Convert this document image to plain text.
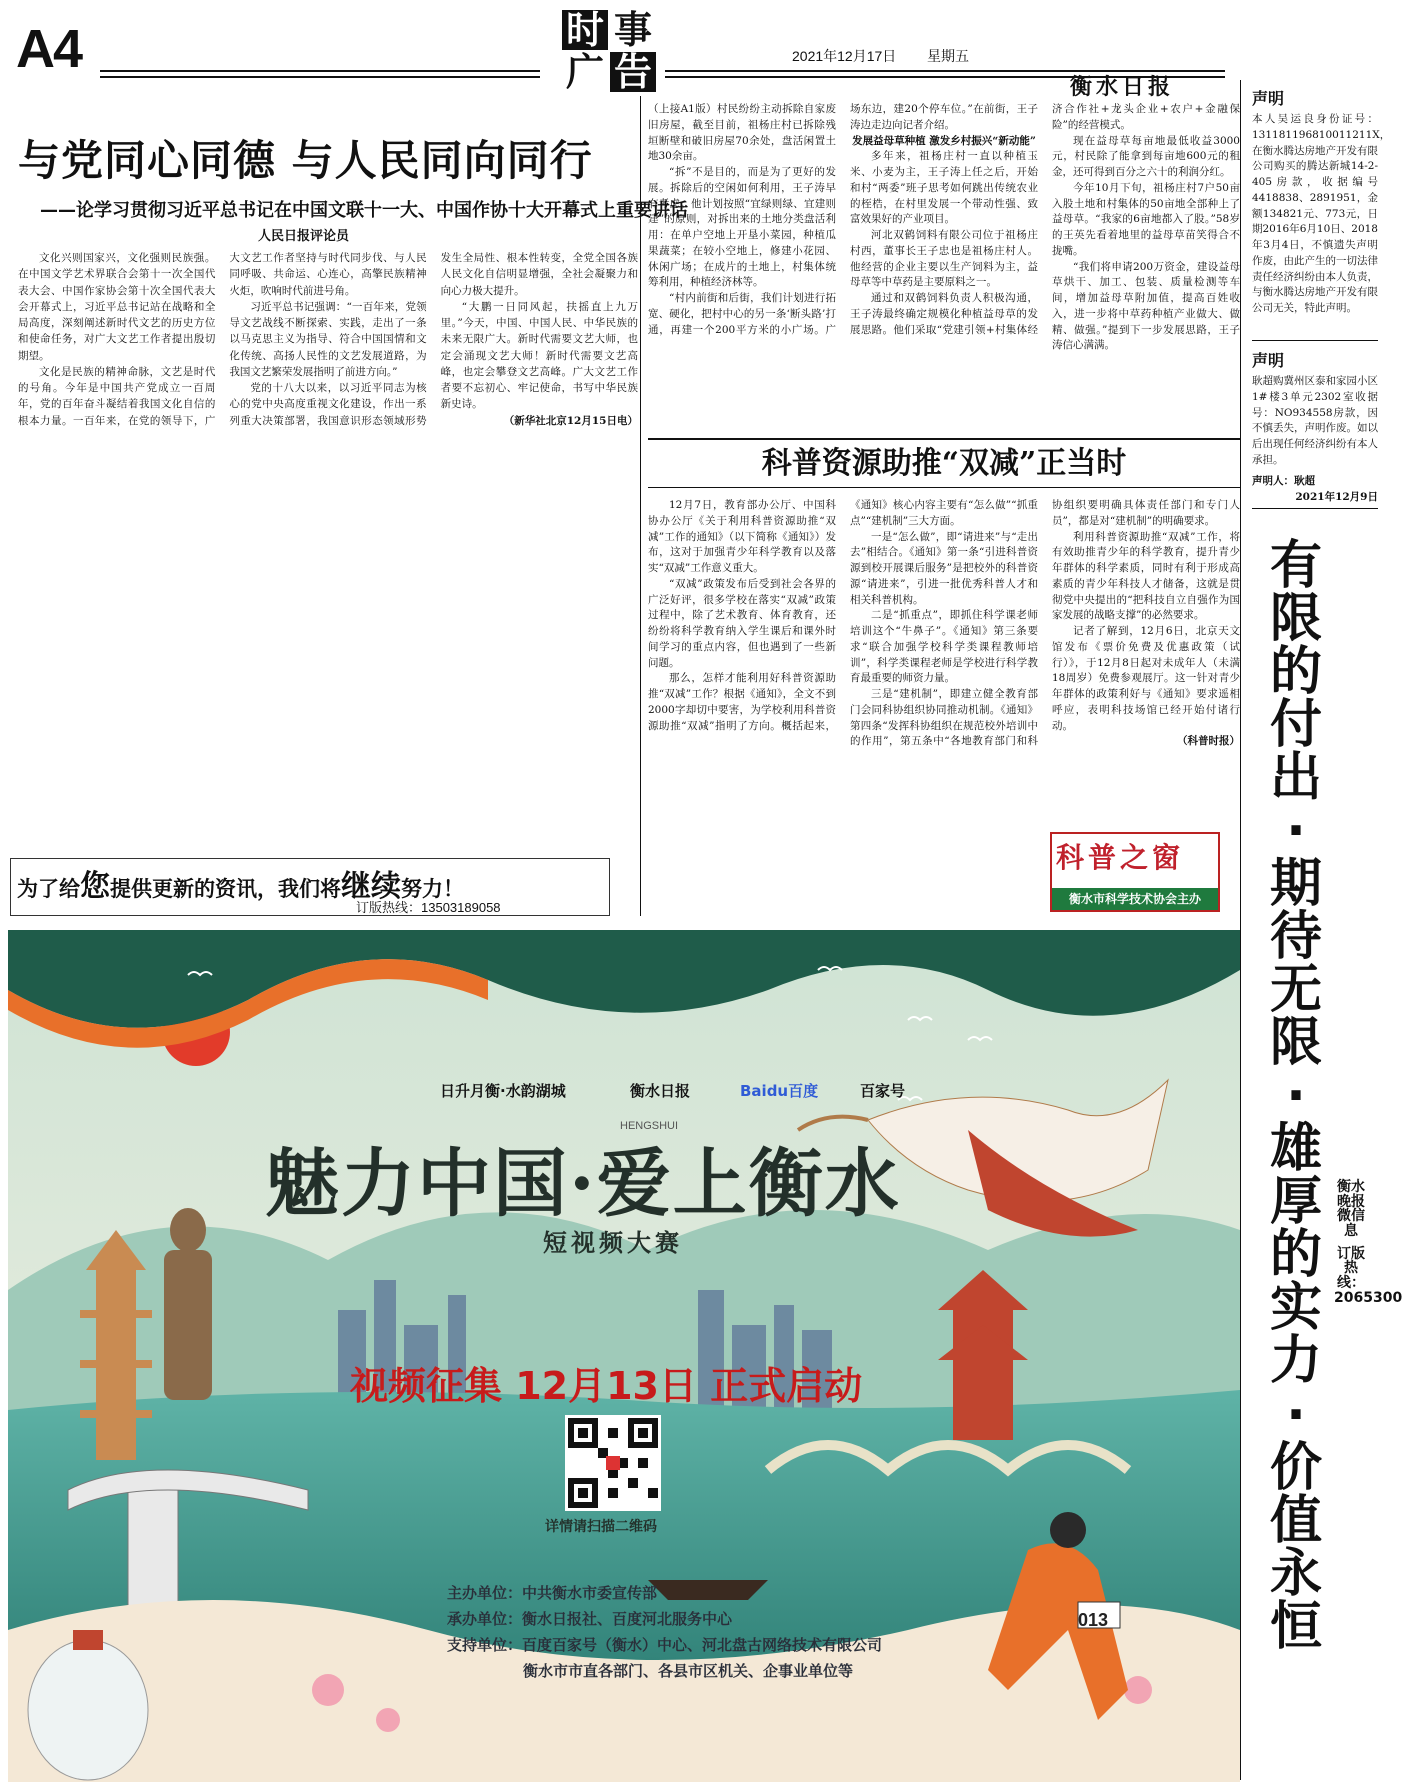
A4	时 事
广 告	2021年12月17日 星期五
衡水日报
与党同心同德 与人民同向同行
——论学习贯彻习近平总书记在中国文联十一大、中国作协十大开幕式上重要讲话
人民日报评论员

文化兴则国家兴，文化强则民族强。在中国文学艺术界联合会第十一次全国代表大会、中国作家协会第十次全国代表大会开幕式上，习近平总书记站在战略和全局高度，深刻阐述新时代文艺的历史方位和使命任务，对广大文艺工作者提出殷切期望。

文化是民族的精神命脉，文艺是时代的号角。今年是中国共产党成立一百周年，党的百年奋斗凝结着我国文化自信的根本力量。一百年来，在党的领导下，广大文艺工作者坚持与时代同步伐、与人民同呼吸、共命运、心连心，高擎民族精神火炬，吹响时代前进号角。

习近平总书记强调：“一百年来，党领导文艺战线不断探索、实践，走出了一条以马克思主义为指导、符合中国国情和文化传统、高扬人民性的文艺发展道路，为我国文艺繁荣发展指明了前进方向。”

党的十八大以来，以习近平同志为核心的党中央高度重视文化建设，作出一系列重大决策部署，我国意识形态领域形势发生全局性、根本性转变，全党全国各族人民文化自信明显增强，全社会凝聚力和向心力极大提升。

“大鹏一日同风起，扶摇直上九万里。”今天，中国、中国人民、中华民族的未来无限广大。新时代需要文艺大师，也定会涌现文艺大师！新时代需要文艺高峰，也定会攀登文艺高峰。广大文艺工作者要不忘初心、牢记使命，书写中华民族新史诗。

（新华社北京12月15日电）

为了给您提供更新的资讯，我们将继续努力！
订版热线：13503189058

（上接A1版）村民纷纷主动拆除自家废旧房屋，截至目前，祖杨庄村已拆除残垣断壁和破旧房屋70余处，盘活闲置土地30余亩。

“拆”不是目的，而是为了更好的发展。拆除后的空闲如何利用，王子涛早有考虑。他计划按照“宜绿则绿、宜建则建”的原则，对拆出来的土地分类盘活利用：在单户空地上开垦小菜园，种植瓜果蔬菜；在较小空地上，修建小花园、休闲广场；在成片的土地上，村集体统筹利用，种植经济林等。

“村内前街和后街，我们计划进行拓宽、硬化，把村中心的另一条‘断头路’打通，再建一个200平方米的小广场。广场东边，建20个停车位。”在前街，王子涛边走边向记者介绍。

发展益母草种植 激发乡村振兴“新动能”

多年来，祖杨庄村一直以种植玉米、小麦为主，王子涛上任之后，开始和村“两委”班子思考如何跳出传统农业的桎梏，在村里发展一个带动性强、致富效果好的产业项目。

河北双鹤饲料有限公司位于祖杨庄村西，董事长王子忠也是祖杨庄村人。他经营的企业主要以生产饲料为主，益母草等中草药是主要原料之一。

通过和双鹤饲料负责人积极沟通，王子涛最终确定规模化种植益母草的发展思路。他们采取“党建引领+村集体经济合作社+龙头企业+农户+金融保险”的经营模式。

现在益母草每亩地最低收益3000元，村民除了能拿到每亩地600元的租金，还可得到百分之六十的利润分红。

今年10月下旬，祖杨庄村7户50亩入股土地和村集体的50亩地全部种上了益母草。“我家的6亩地都入了股。”58岁的王英先看着地里的益母草苗笑得合不拢嘴。

“我们将申请200万资金，建设益母草烘干、加工、包装、质量检测等车间，增加益母草附加值，提高百姓收入，进一步将中草药种植产业做大、做精、做强。”提到下一步发展思路，王子涛信心满满。

科普资源助推“双减”正当时

12月7日，教育部办公厅、中国科协办公厅《关于利用科普资源助推“双减”工作的通知》（以下简称《通知》）发布，这对于加强青少年科学教育以及落实“双减”工作意义重大。

“双减”政策发布后受到社会各界的广泛好评，很多学校在落实“双减”政策过程中，除了艺术教育、体育教育，还纷纷将科学教育纳入学生课后和课外时间学习的重点内容，但也遇到了一些新问题。

那么，怎样才能利用好科普资源助推“双减”工作？根据《通知》，全文不到2000字却切中要害，为学校利用科普资源助推“双减”指明了方向。概括起来，《通知》核心内容主要有“怎么做”“抓重点”“建机制”三大方面。

一是“怎么做”，即“请进来”与“走出去”相结合。《通知》第一条“引进科普资源到校开展课后服务”是把校外的科普资源“请进来”，引进一批优秀科普人才和相关科普机构。

二是“抓重点”，即抓住科学课老师培训这个“牛鼻子”。《通知》第三条要求“联合加强学校科学类课程教师培训”，科学类课程老师是学校进行科学教育最重要的师资力量。

三是“建机制”，即建立健全教育部门会同科协组织协同推动机制。《通知》第四条“发挥科协组织在规范校外培训中的作用”，第五条中“各地教育部门和科协组织要明确具体责任部门和专门人员”，都是对“建机制”的明确要求。

利用科普资源助推“双减”工作，将有效助推青少年的科学教育，提升青少年群体的科学素质，同时有利于形成高素质的青少年科技人才储备，这就是贯彻党中央提出的“把科技自立自强作为国家发展的战略支撑”的必然要求。

记者了解到，12月6日，北京天文馆发布《票价免费及优惠政策（试行）》，于12月8日起对未成年人（未满18周岁）免费参观展厅。这一针对青少年群体的政策利好与《通知》要求遥相呼应，表明科技场馆已经开始付诸行动。

（科普时报）

科普之窗
衡水市科学技术协会主办
声明
本人吴运良身份证号：131181196810011211X，在衡水腾达房地产开发有限公司购买的腾达新城14-2-405房款，收据编号4418838、2891951，金额134821元、773元，日期2016年6月10日、2018年3月4日，不慎遗失声明作废，由此产生的一切法律责任经济纠纷由本人负责，与衡水腾达房地产开发有限公司无关，特此声明。
声明
耿超购冀州区泰和家园小区1#楼3单元2302室收据号：NO934558房款，因不慎丢失，声明作废。如以后出现任何经济纠纷有本人承担。
声明人：耿超
2021年12月9日
有限的付出
·
期待无限
·
雄厚的实力
·
价值永恒
衡水晚报微信息
订版热线：2065300
013
日升月衡·水韵湖城	衡水日报	Baidu百度	百家号
魅力中国·爱上衡水
HENGSHUI
短视频大赛
视频征集 12月13日 正式启动
详情请扫描二维码
主办单位：中共衡水市委宣传部
承办单位：衡水日报社、百度河北服务中心
支持单位：百度百家号（衡水）中心、河北盘古网络技术有限公司
衡水市市直各部门、各县市区机关、企事业单位等
